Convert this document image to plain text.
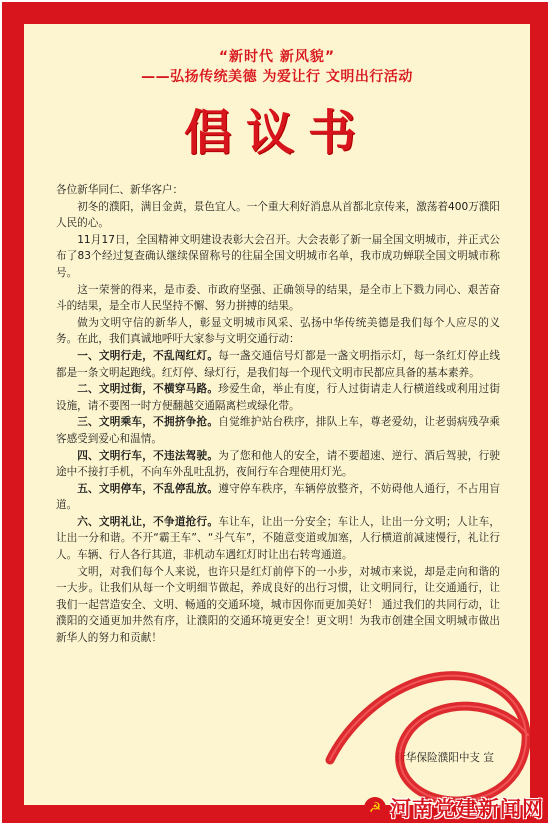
“新时代 新风貌”
——弘扬传统美德 为爱让行 文明出行活动
倡议书

各位新华同仁、新华客户：

初冬的濮阳，满目金黄，景色宜人。一个重大利好消息从首都北京传来，激荡着400万濮阳人民的心。

11月17日，全国精神文明建设表彰大会召开。大会表彰了新一届全国文明城市，并正式公布了83个经过复查确认继续保留称号的往届全国文明城市名单，我市成功蝉联全国文明城市称号。

这一荣誉的得来，是市委、市政府坚强、正确领导的结果，是全市上下戮力同心、艰苦奋斗的结果，是全市人民坚持不懈、努力拼搏的结果。

做为文明守信的新华人，彰显文明城市风采、弘扬中华传统美德是我们每个人应尽的义务。在此，我们真诚地呼吁大家参与文明交通行动：

一、文明行走，不乱闯红灯。每一盏交通信号灯都是一盏文明指示灯，每一条红灯停止线都是一条文明起跑线。红灯停、绿灯行，是我们每一个现代文明市民都应具备的基本素养。

二、文明过街，不横穿马路。珍爱生命，举止有度，行人过街请走人行横道线或利用过街设施，请不要图一时方便翻越交通隔离栏或绿化带。

三、文明乘车，不拥挤争抢。自觉维护站台秩序，排队上车，尊老爱幼，让老弱病残孕乘客感受到爱心和温情。

四、文明行车，不违法驾驶。为了您和他人的安全，请不要超速、逆行、酒后驾驶，行驶途中不接打手机，不向车外乱吐乱扔，夜间行车合理使用灯光。

五、文明停车，不乱停乱放。遵守停车秩序，车辆停放整齐，不妨碍他人通行，不占用盲道。

六、文明礼让，不争道抢行。车让车，让出一分安全；车让人，让出一分文明；人让车，让出一分和谐。不开“霸王车”、“斗气车”，不随意变道或加塞，人行横道前减速慢行，礼让行人。车辆、行人各行其道，非机动车遇红灯时让出右转弯通道。

文明，对我们每个人来说，也许只是红灯前停下的一小步，对城市来说，却是走向和谐的一大步。让我们从每一个文明细节做起，养成良好的出行习惯，让文明同行，让交通通行，让我们一起营造安全、文明、畅通的交通环境，城市因你而更加美好！ 通过我们的共同行动，让濮阳的交通更加井然有序，让濮阳的交通环境更安全！更文明！为我市创建全国文明城市做出新华人的努力和贡献！

新华保险濮阳中支 宣
☭ 河南党建新闻网
